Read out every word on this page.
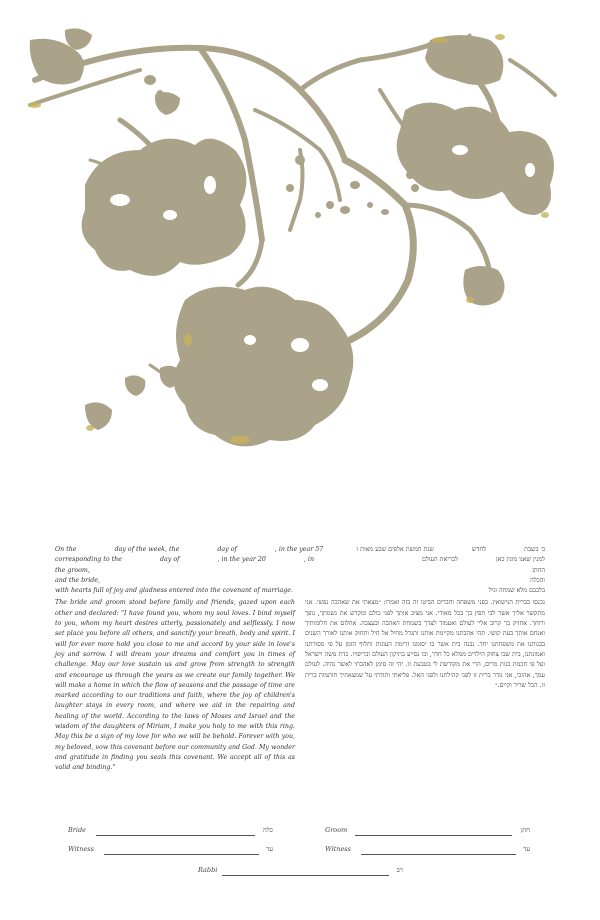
On the	day of the week, the	day of	, in the year 57
corresponding to the	day of	, in the year 20	, in
the groom,
and the bride,
with hearts full of joy and gladness entered into the covenant of marriage.
The bride and groom stood before family and friends, gazed upon each other and declared: "I have found you, whom my soul loves. I bind myself to you, whom my heart desires utterly, passionately and selflessly. I now set place you before all others, and sanctify your breath, body and spirit. I will for ever more hold you close to me and accord by your side in love's joy and sorrow. I will dream your dreams and comfort you in times of challenge. May our love sustain us and grow from strength to strength and encourage us through the years as we create our family together. We will make a home in which the flow of seasons and the passage of time are marked according to our traditions and faith, where the joy of children's laughter stays in every room, and where we aid in the repairing and healing of the world. According to the laws of Moses and Israel and the wisdom of the daughters of Miriam, I make you holy to me with this ring. May this be a sign of my love for who we will be behold. Forever with you, my beloved, vow this covenant before our community and God. My wonder and gratitude in finding you seals this covenant. We accept all of this as valid and binding."
ב׳ בשבת לחדש שנת חמשת אלפים שבע מאות ו
למנין שאנו מונין כאן לבריאת העולם
החתן
והכלה
בלבבם מלא שמחה וגיל
נכנסו בברית הנישואין. בפני משפחה וחברים הביטו זה בזה ואמרו: ״מצאתי את שאהבה נפשי. אני מתקשר אליך אשר לבי חפץ בך בכל מאודי. אני מציב אותך לפני כולם ומקדש את נשמתך, גופך ורוחך. אחזיק בך קרוב אליי לעולם ואעמוד לצדך בשמחת האהבה ובעצבה. אחלום את חלומותיך ואנחם אותך בעת קושי. תהי אהבתנו מקיימת אותנו ותגדל מחיל אל חיל ותחזק אותנו לאורך השנים בבנותנו את משפחתנו יחד. נבנה בית אשר בו יסומנו זרימת העונות וחלוף הזמן על פי מסורתנו ואמונתנו, בית שבו צחוק הילדים ממלא כל חדר, ובו נסייע בתיקון העולם ובריפויו. כדת משה וישראל ועל פי חכמת בנות מרים, הרי את מקודשת לי בטבעת זו. יהי זה סימן לאהבתי לאשר נהיה. לעולם עמך, אהובי, אני נודר ברית זו לפני קהילתנו ולפני האל. פליאתי ותודתי על שמצאתיך חותמות ברית זו. הכל שריר וקיים.״
Bride	כלה
Witness	עד
Groom	חתן
Witness	עד
Rabbi	רב
